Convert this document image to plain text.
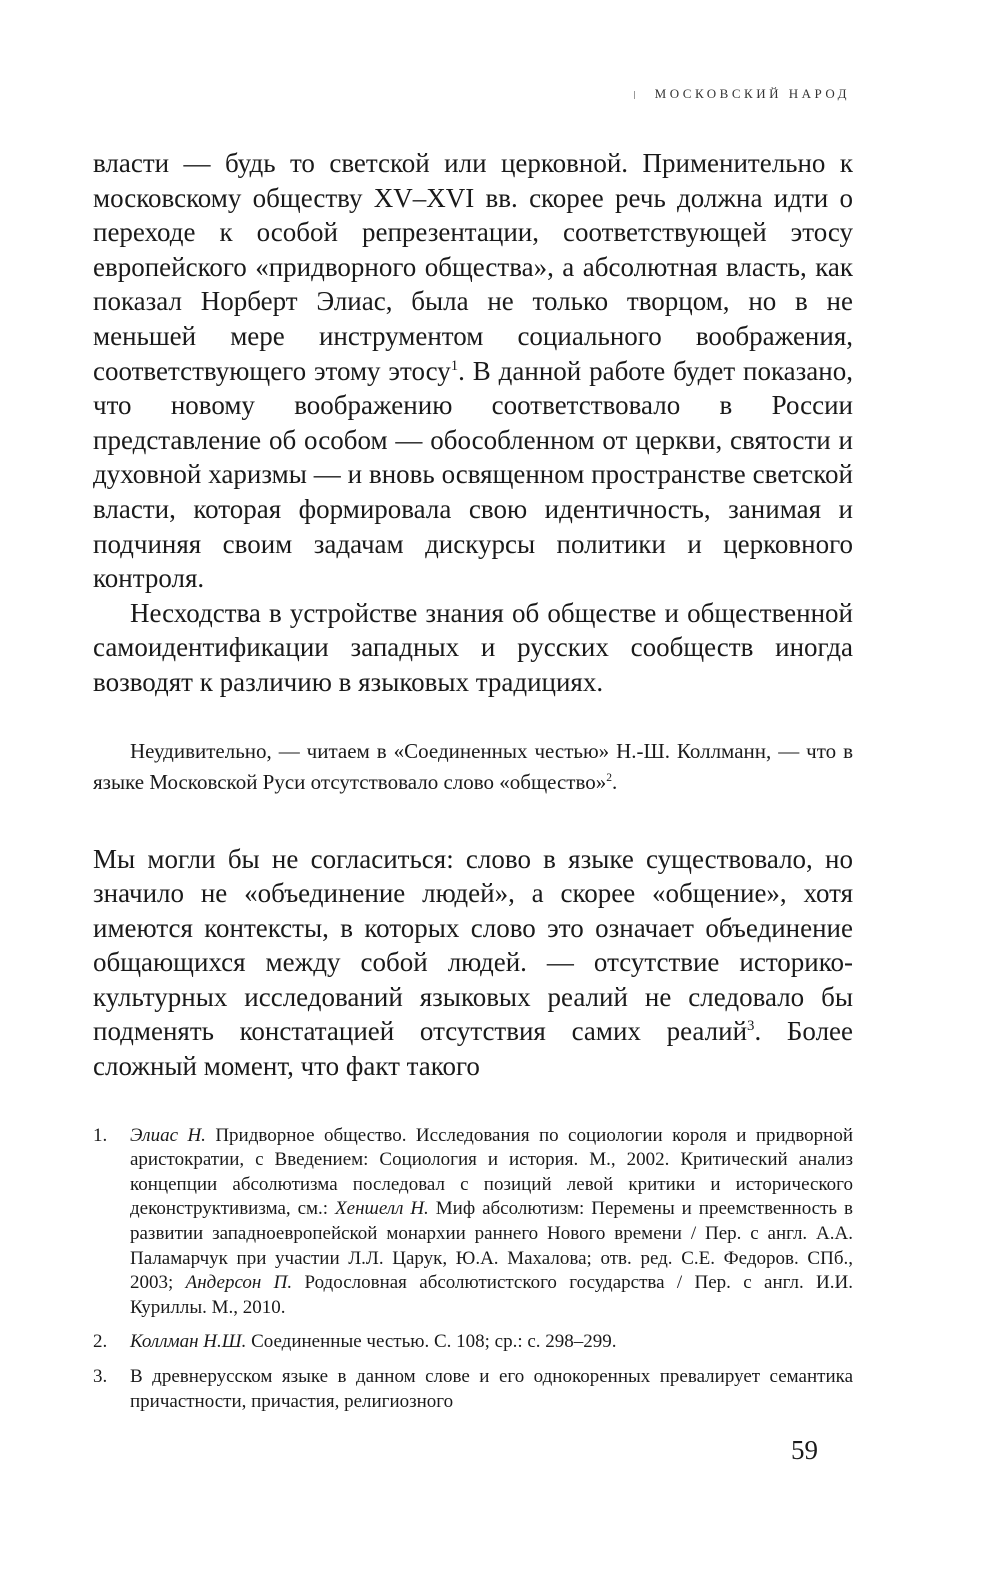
МОСКОВСКИЙ НАРОД

власти — будь то светской или церковной. Применительно к московскому обществу XV–XVI вв. скорее речь должна идти о переходе к особой репрезентации, соответствующей этосу европейского «придворного общества», а абсолютная власть, как показал Норберт Элиас, была не только творцом, но в не меньшей мере инструментом социального воображения, соответствующего этому этосу$^1$. В данной работе будет показано, что новому воображению соответствовало в России представление об особом — обособленном от церкви, святости и духовной харизмы — и вновь освященном пространстве светской власти, которая формировала свою идентичность, занимая и подчиняя своим задачам дискурсы политики и церковного контроля.

Несходства в устройстве знания об обществе и общественной самоидентификации западных и русских сообществ иногда возводят к различию в языковых традициях.

Неудивительно, — читаем в «Соединенных честью» Н.-Ш. Коллманн, — что в языке Московской Руси отсутствовало слово «общество»$^2$.

Мы могли бы не согласиться: слово в языке существовало, но значило не «объединение людей», а скорее «общение», хотя имеются контексты, в которых слово это означает объединение общающихся между собой людей. — отсутствие историко-культурных исследований языковых реалий не следовало бы подменять констатацией отсутствия самих реалий$^3$. Более сложный момент, что факт такого

1.	Элиас Н. Придворное общество. Исследования по социологии короля и придворной аристократии, с Введением: Социология и история. М., 2002. Критический анализ концепции абсолютизма последовал с позиций левой критики и исторического деконструктивизма, см.: Хеншелл Н. Миф абсолютизм: Перемены и преемственность в развитии западноевропейской монархии раннего Нового времени / Пер. с англ. А.А. Паламарчук при участии Л.Л. Царук, Ю.А. Махалова; отв. ред. С.Е. Федоров. СПб., 2003; Андерсон П. Родословная абсолютистского государства / Пер. с англ. И.И. Куриллы. М., 2010.
2.	Коллман Н.Ш. Соединенные честью. С. 108; ср.: с. 298–299.
3.	В древнерусском языке в данном слове и его однокоренных превалирует семантика причастности, причастия, религиозного
59
